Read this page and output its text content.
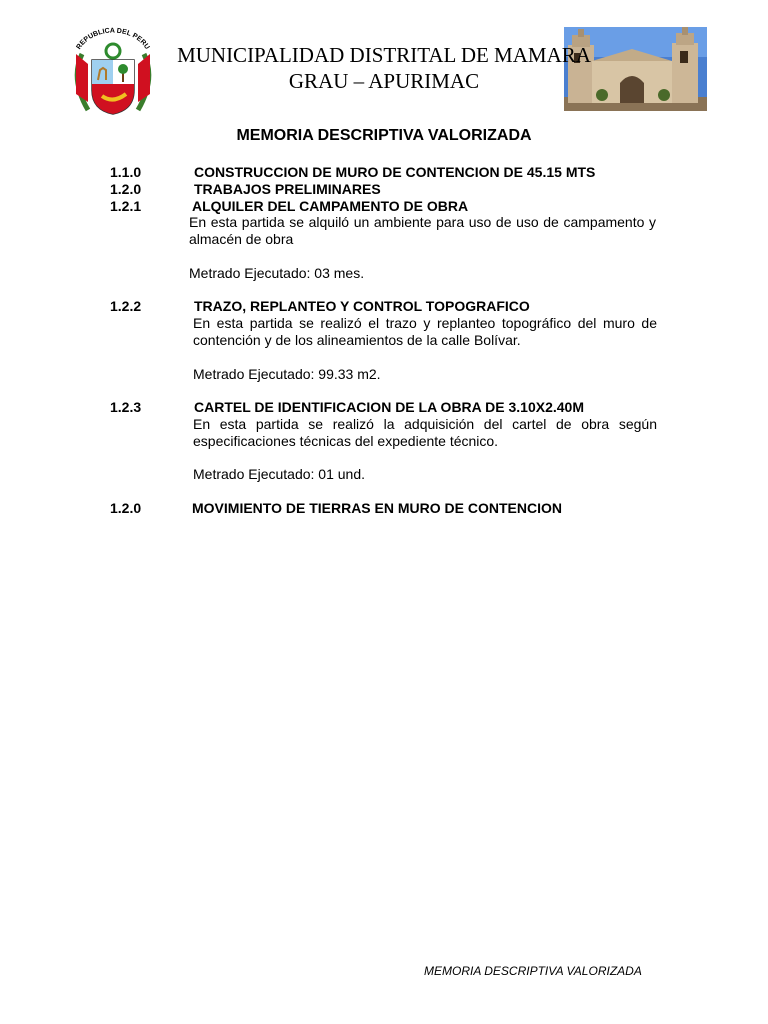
REPUBLICA DEL PERU	MUNICIPALIDAD DISTRITAL DE MAMARA
GRAU – APURIMAC
MEMORIA DESCRIPTIVA VALORIZADA
1.1.0	CONSTRUCCION DE MURO DE CONTENCION DE 45.15 MTS
1.2.0	TRABAJOS PRELIMINARES
1.2.1	ALQUILER DEL CAMPAMENTO DE OBRA
En esta partida se alquiló un ambiente para uso de uso de campamento y almacén de obra
Metrado Ejecutado: 03 mes.
1.2.2	TRAZO, REPLANTEO Y CONTROL TOPOGRAFICO
En esta partida se realizó el trazo y replanteo topográfico del muro de contención y de los alineamientos de la calle Bolívar.
Metrado Ejecutado: 99.33 m2.
1.2.3	CARTEL DE IDENTIFICACION DE LA OBRA DE 3.10X2.40M
En esta partida se realizó la adquisición del cartel de obra según especificaciones técnicas del expediente técnico.
Metrado Ejecutado: 01 und.
1.2.0	MOVIMIENTO DE TIERRAS EN MURO DE CONTENCION
MEMORIA DESCRIPTIVA VALORIZADA
